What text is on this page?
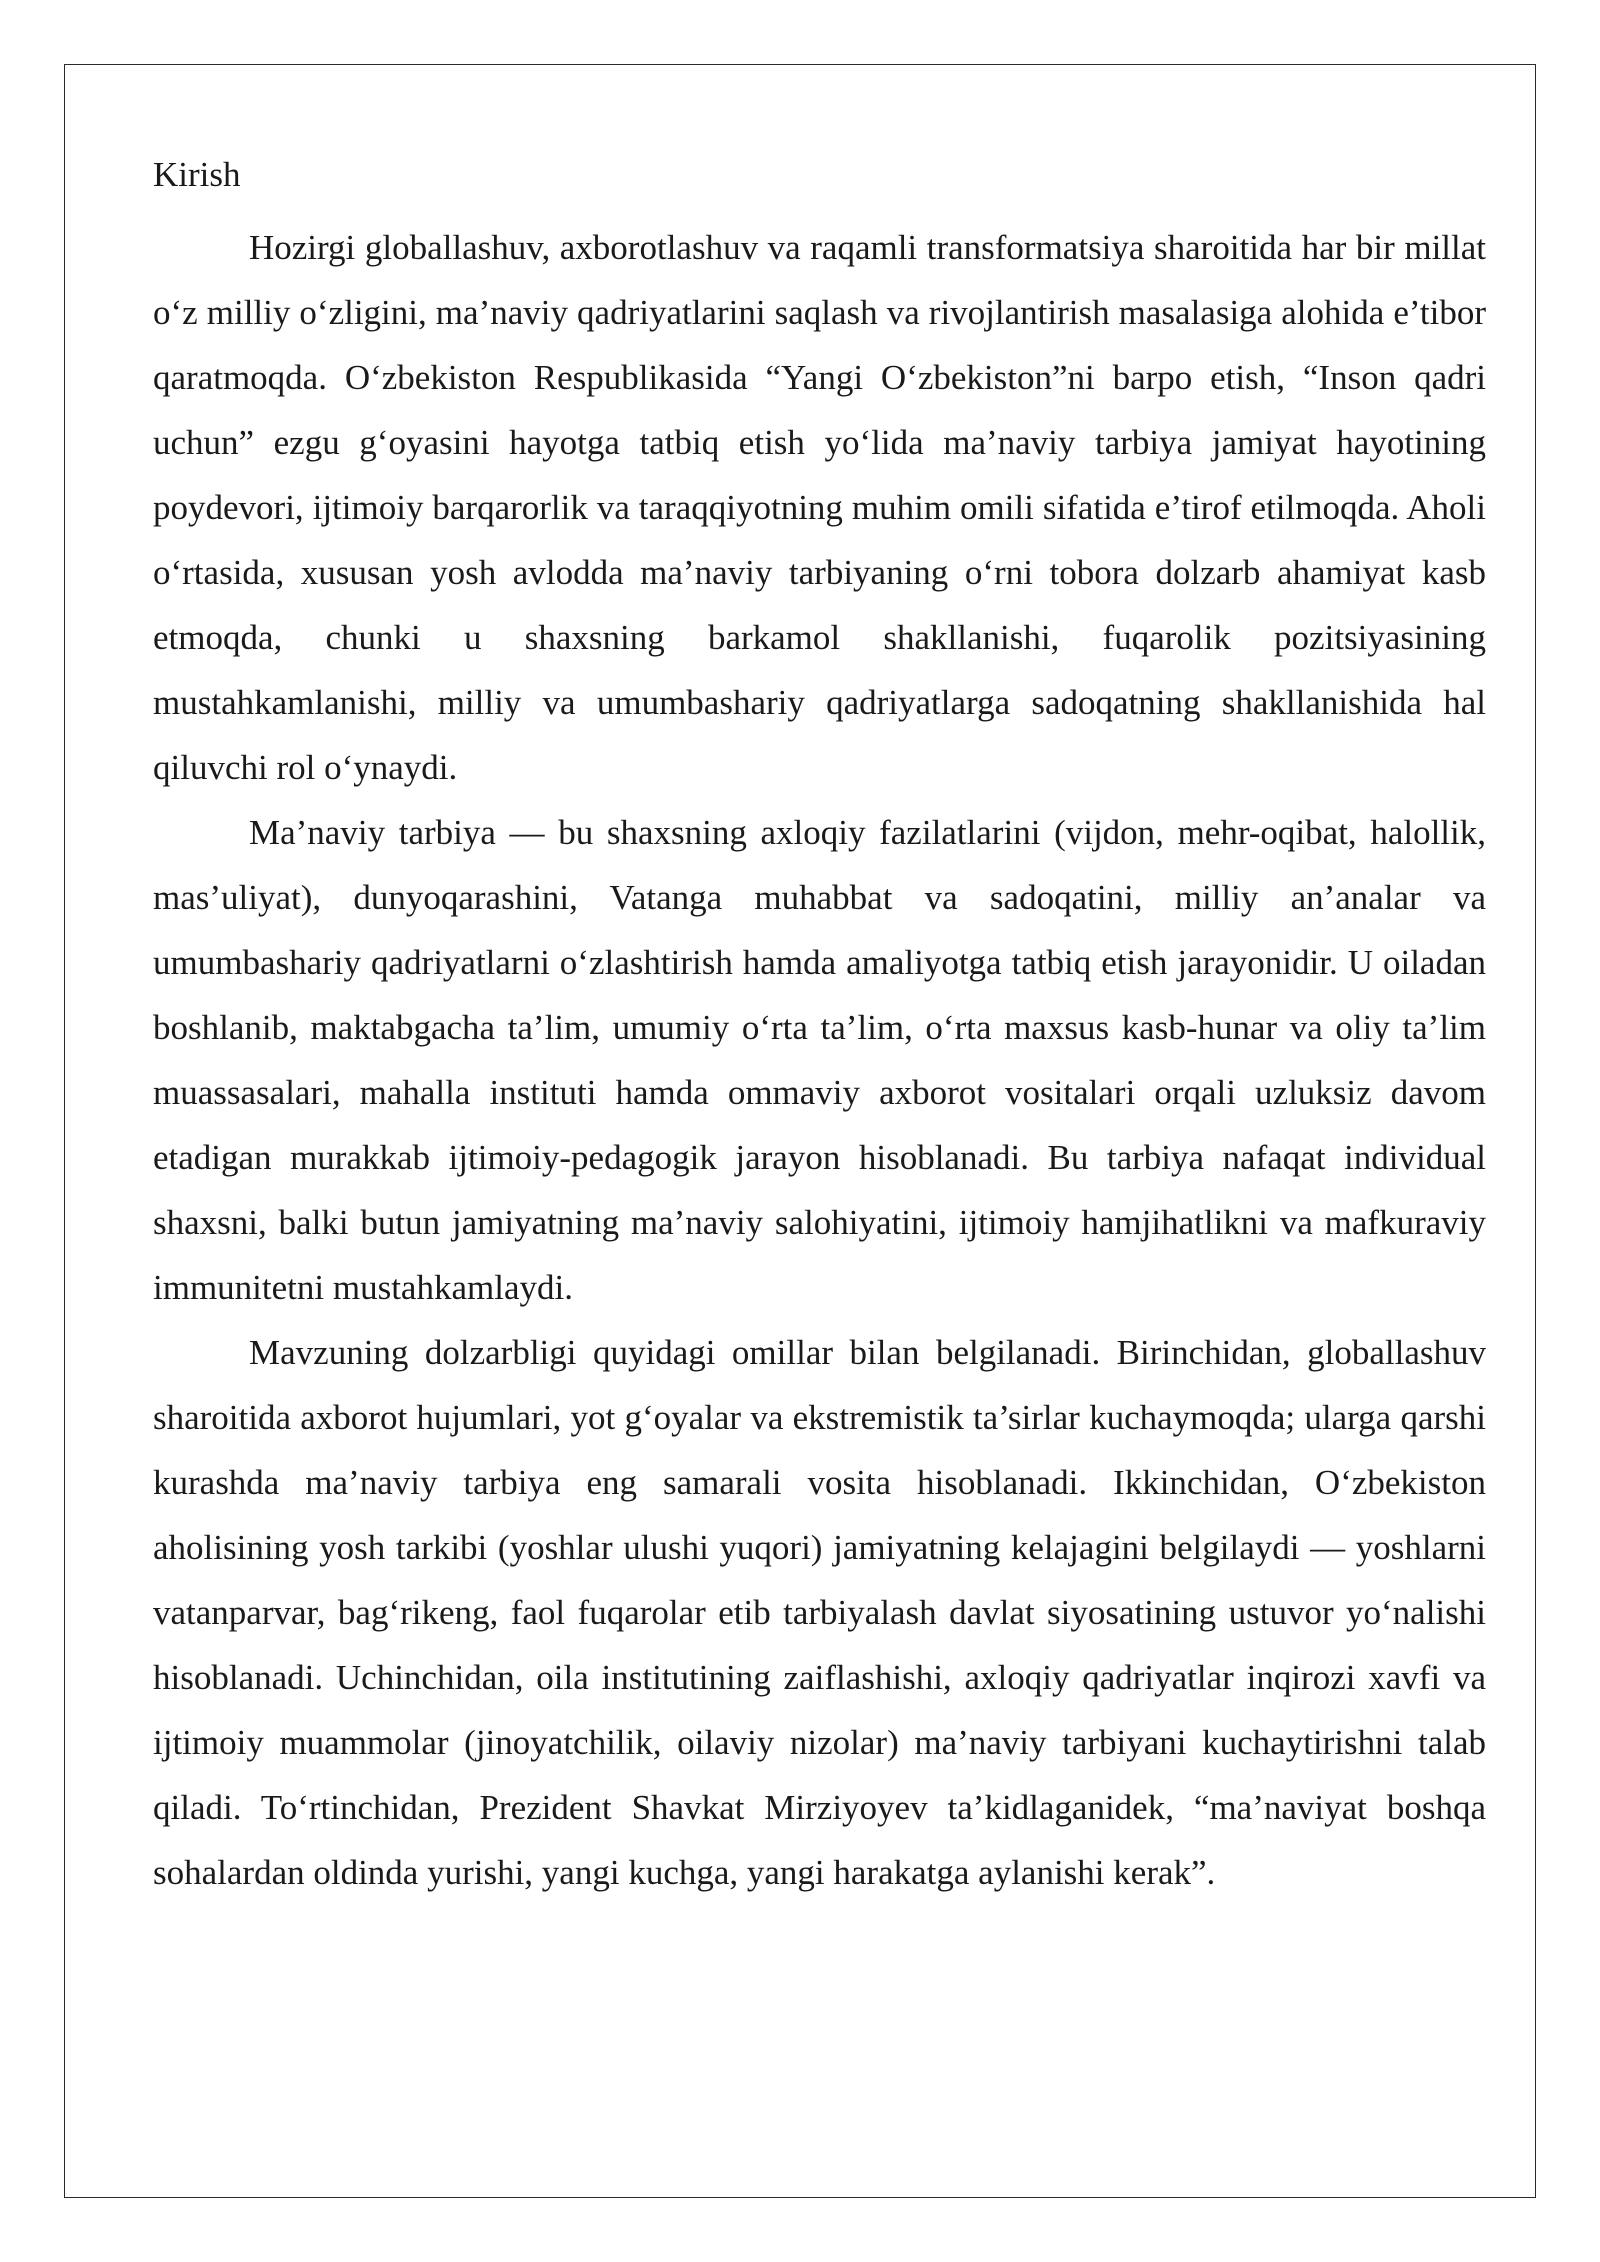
Kirish

Hozirgi globallashuv, axborotlashuv va raqamli transformatsiya sharoitida har bir millat o‘z milliy o‘zligini, ma’naviy qadriyatlarini saqlash va rivojlantirish masalasiga alohida e’tibor qaratmoqda. O‘zbekiston Respublikasida “Yangi O‘zbekiston”ni barpo etish, “Inson qadri uchun” ezgu g‘oyasini hayotga tatbiq etish yo‘lida ma’naviy tarbiya jamiyat hayotining poydevori, ijtimoiy barqarorlik va taraqqiyotning muhim omili sifatida e’tirof etilmoqda. Aholi o‘rtasida, xususan yosh avlodda ma’naviy tarbiyaning o‘rni tobora dolzarb ahamiyat kasb etmoqda, chunki u shaxsning barkamol shakllanishi, fuqarolik pozitsiyasining mustahkamlanishi, milliy va umumbashariy qadriyatlarga sadoqatning shakllanishida hal qiluvchi rol o‘ynaydi.

Ma’naviy tarbiya — bu shaxsning axloqiy fazilatlarini (vijdon, mehr-oqibat, halollik, mas’uliyat), dunyoqarashini, Vatanga muhabbat va sadoqatini, milliy an’analar va umumbashariy qadriyatlarni o‘zlashtirish hamda amaliyotga tatbiq etish jarayonidir. U oiladan boshlanib, maktabgacha ta’lim, umumiy o‘rta ta’lim, o‘rta maxsus kasb-hunar va oliy ta’lim muassasalari, mahalla instituti hamda ommaviy axborot vositalari orqali uzluksiz davom etadigan murakkab ijtimoiy-pedagogik jarayon hisoblanadi. Bu tarbiya nafaqat individual shaxsni, balki butun jamiyatning ma’naviy salohiyatini, ijtimoiy hamjihatlikni va mafkuraviy immunitetni mustahkamlaydi.

Mavzuning dolzarbligi quyidagi omillar bilan belgilanadi. Birinchidan, globallashuv sharoitida axborot hujumlari, yot g‘oyalar va ekstremistik ta’sirlar kuchaymoqda; ularga qarshi kurashda ma’naviy tarbiya eng samarali vosita hisoblanadi. Ikkinchidan, O‘zbekiston aholisining yosh tarkibi (yoshlar ulushi yuqori) jamiyatning kelajagini belgilaydi — yoshlarni vatanparvar, bag‘rikeng, faol fuqarolar etib tarbiyalash davlat siyosatining ustuvor yo‘nalishi hisoblanadi. Uchinchidan, oila institutining zaiflashishi, axloqiy qadriyatlar inqirozi xavfi va ijtimoiy muammolar (jinoyatchilik, oilaviy nizolar) ma’naviy tarbiyani kuchaytirishni talab qiladi. To‘rtinchidan, Prezident Shavkat Mirziyoyev ta’kidlaganidek, “ma’naviyat boshqa sohalardan oldinda yurishi, yangi kuchga, yangi harakatga aylanishi kerak”.
